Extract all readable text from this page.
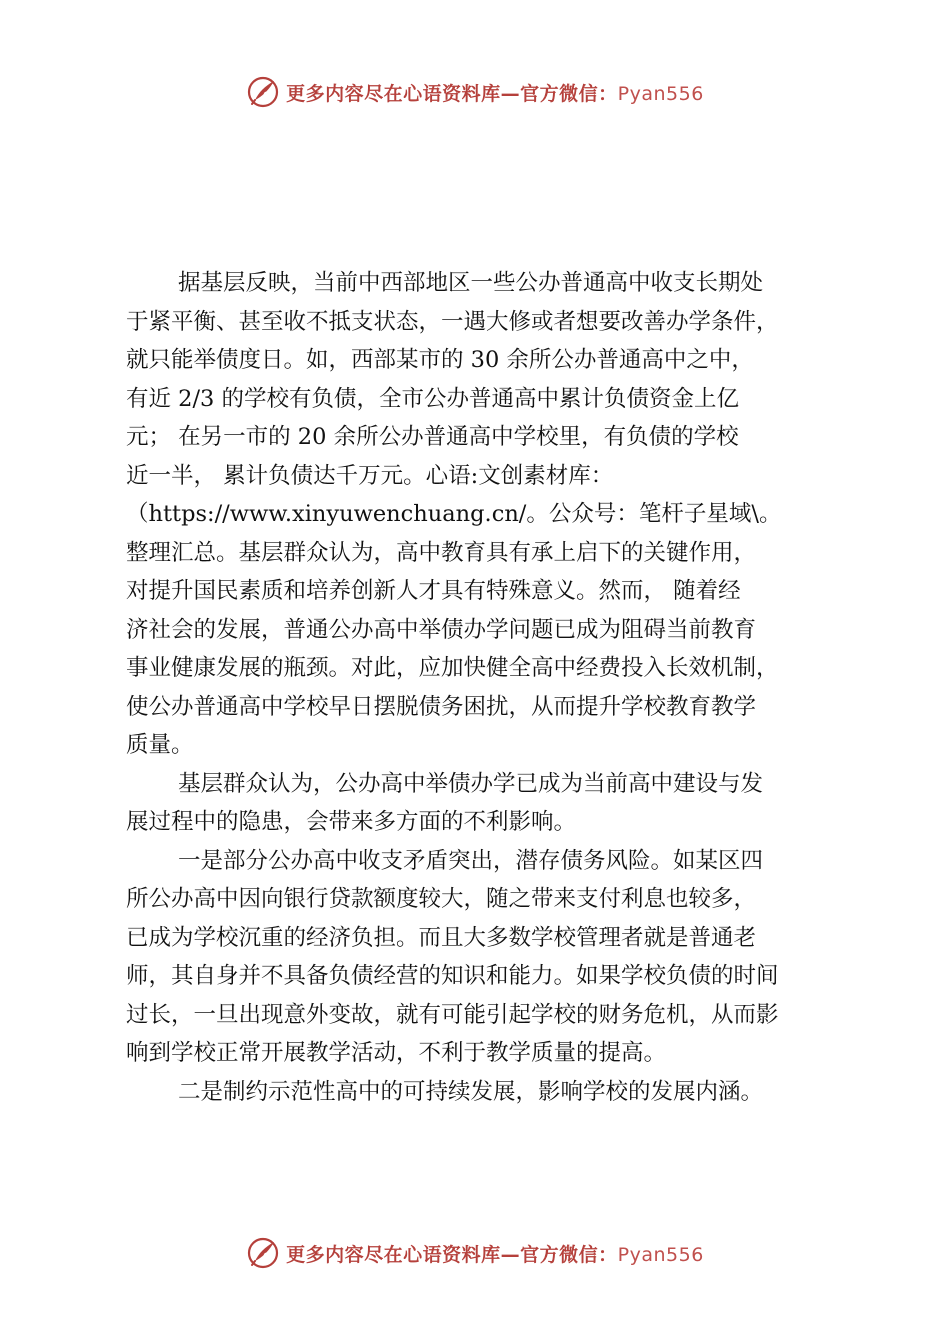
更多内容尽在心语资料库—官方微信：Pyan556
据基层反映，当前中西部地区一些公办普通高中收支长期处
于紧平衡、甚至收不抵支状态，一遇大修或者想要改善办学条件，
就只能举债度日。如，西部某市的 30 余所公办普通高中之中，
有近 2/3 的学校有负债，全市公办普通高中累计负债资金上亿
元； 在另一市的 20 余所公办普通高中学校里，有负债的学校
近一半， 累计负债达千万元。心语:文创素材库：
（https://www.xinyuwenchuang.cn/。公众号：笔杆子星域\。
整理汇总。基层群众认为，高中教育具有承上启下的关键作用，
对提升国民素质和培养创新人才具有特殊意义。然而， 随着经
济社会的发展，普通公办高中举债办学问题已成为阻碍当前教育
事业健康发展的瓶颈。对此，应加快健全高中经费投入长效机制，
使公办普通高中学校早日摆脱债务困扰，从而提升学校教育教学
质量。
基层群众认为，公办高中举债办学已成为当前高中建设与发
展过程中的隐患，会带来多方面的不利影响。
一是部分公办高中收支矛盾突出，潜存债务风险。如某区四
所公办高中因向银行贷款额度较大，随之带来支付利息也较多，
已成为学校沉重的经济负担。而且大多数学校管理者就是普通老
师，其自身并不具备负债经营的知识和能力。如果学校负债的时间
过长，一旦出现意外变故，就有可能引起学校的财务危机，从而影
响到学校正常开展教学活动，不利于教学质量的提高。
二是制约示范性高中的可持续发展，影响学校的发展内涵。
更多内容尽在心语资料库—官方微信：Pyan556
